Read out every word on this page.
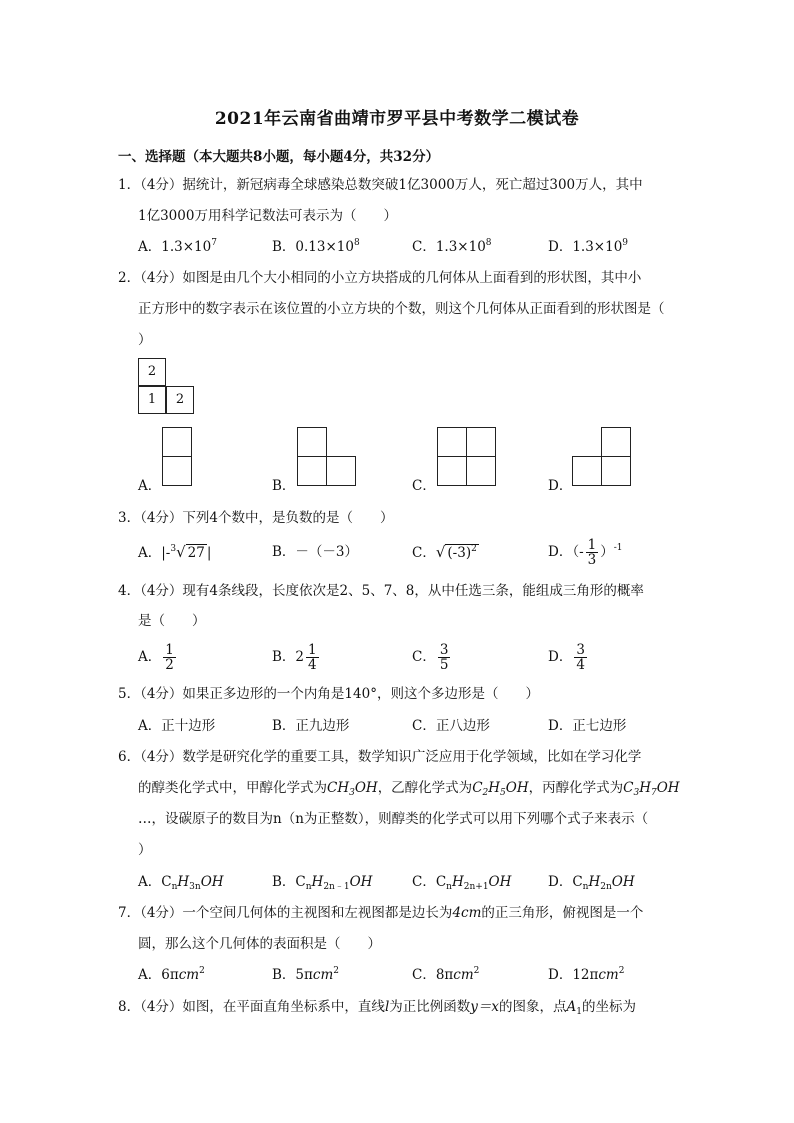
2021年云南省曲靖市罗平县中考数学二模试卷
一、选择题（本大题共8小题，每小题4分，共32分）
1．（4分）据统计，新冠病毒全球感染总数突破1亿3000万人，死亡超过300万人，其中
1亿3000万用科学记数法可表示为（　　）
A．$1.3\times 10^7$	B．$0.13\times 10^8$	C．$1.3\times 10^8$	D．$1.3\times 10^9$
2．（4分）如图是由几个大小相同的小立方块搭成的几何体从上面看到的形状图，其中小
正方形中的数字表示在该位置的小立方块的个数，则这个几何体从正面看到的形状图是（
）
2
1	2
A．	B．	C．	D．
3．（4分）下列4个数中，是负数的是（　　）
A．|-$^3$√ 27 |	B．－（－3）	C．√ $(-3)^2$	D．（- $\frac{1}{3} )^{-1}$
4．（4分）现有4条线段，长度依次是2、5、7、8，从中任选三条，能组成三角形的概率
是（　　）
A． $\frac{1}{2}$	B．$2 \frac{1}{4}$	C． $\frac{3}{5}$	D． $\frac{3}{4}$
5．（4分）如果正多边形的一个内角是140°，则这个多边形是（　　）
A．正十边形	B．正九边形	C．正八边形	D．正七边形
6．（4分）数学是研究化学的重要工具，数学知识广泛应用于化学领域，比如在学习化学
的醇类化学式中，甲醇化学式为$CH_3OH$，乙醇化学式为$C_2H_5OH$，丙醇化学式为$C_3H_7OH$
…，设碳原子的数目为n（n为正整数），则醇类的化学式可以用下列哪个式子来表示（
）
A．$C_nH_{3n}OH$	B．$C_nH_{2n﹣1}OH$	C．$C_nH_{2n+1}OH$	D．$C_nH_{2n}OH$
7．（4分）一个空间几何体的主视图和左视图都是边长为4cm的正三角形，俯视图是一个
圆，那么这个几何体的表面积是（　　）
A．6πcm$^2$	B．5πcm$^2$	C．8πcm$^2$	D．12πcm$^2$
8．（4分）如图，在平面直角坐标系中，直线l为正比例函数y＝x的图象，点$A_1$的坐标为
